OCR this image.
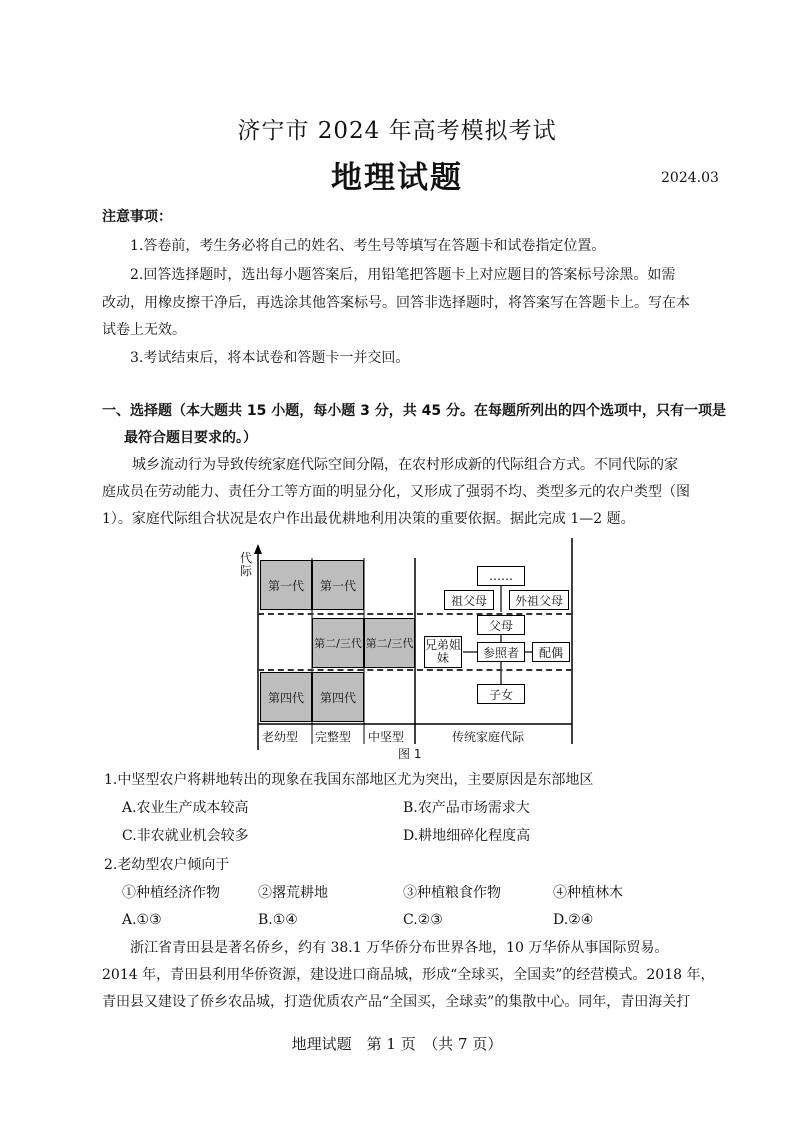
济宁市 2024 年高考模拟考试
地理试题	2024.03
注意事项：
1.答卷前，考生务必将自己的姓名、考生号等填写在答题卡和试卷指定位置。
2.回答选择题时，选出每小题答案后，用铅笔把答题卡上对应题目的答案标号涂黑。如需
改动，用橡皮擦干净后，再选涂其他答案标号。回答非选择题时，将答案写在答题卡上。写在本
试卷上无效。
3.考试结束后，将本试卷和答题卡一并交回。
一、选择题（本大题共 15 小题，每小题 3 分，共 45 分。在每题所列出的四个选项中，只有一项是
最符合题目要求的。）
城乡流动行为导致传统家庭代际空间分隔，在农村形成新的代际组合方式。不同代际的家
庭成员在劳动能力、责任分工等方面的明显分化，又形成了强弱不均、类型多元的农户类型（图
1）。家庭代际组合状况是农户作出最优耕地利用决策的重要依据。据此完成 1—2 题。
代际
第一代	第一代
第二/三代 第二/三代
第四代	第四代
……
祖父母	外祖父母
父母
兄弟姐妹	参照者	配偶
子女
老幼型 完整型 中坚型	传统家庭代际
图 1
1.中坚型农户将耕地转出的现象在我国东部地区尤为突出，主要原因是东部地区
A.农业生产成本较高	B.农产品市场需求大
C.非农就业机会较多	D.耕地细碎化程度高
2.老幼型农户倾向于
①种植经济作物	②撂荒耕地	③种植粮食作物	④种植林木
A.①③	B.①④	C.②③	D.②④
浙江省青田县是著名侨乡，约有 38.1 万华侨分布世界各地，10 万华侨从事国际贸易。
2014 年，青田县利用华侨资源，建设进口商品城，形成“全球买，全国卖”的经营模式。2018 年，
青田县又建设了侨乡农品城，打造优质农产品“全国买，全球卖”的集散中心。同年，青田海关打
地理试题　第 1 页　（共 7 页）
